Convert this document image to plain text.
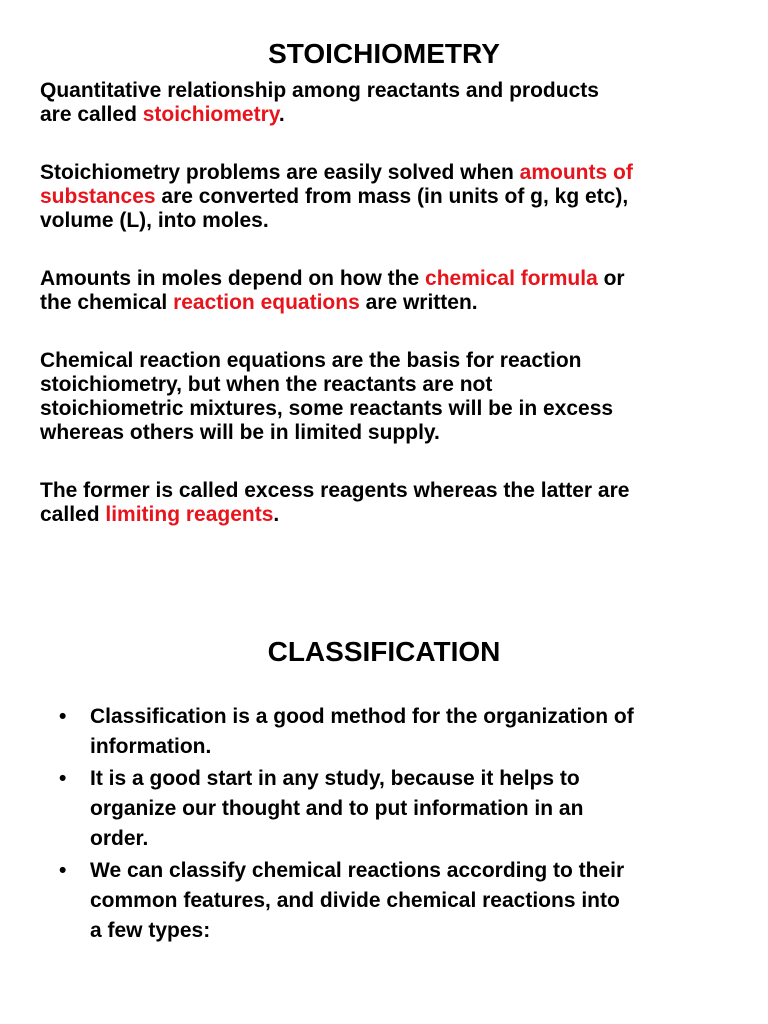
STOICHIOMETRY

Quantitative relationship among reactants and products
are called stoichiometry.

Stoichiometry problems are easily solved when amounts of
substances are converted from mass (in units of g, kg etc),
volume (L), into moles.

Amounts in moles depend on how the chemical formula or
the chemical reaction equations are written.

Chemical reaction equations are the basis for reaction
stoichiometry, but when the reactants are not
stoichiometric mixtures, some reactants will be in excess
whereas others will be in limited supply.

The former is called excess reagents whereas the latter are
called limiting reagents.

CLASSIFICATION
• Classification is a good method for the organization of
information.
• It is a good start in any study, because it helps to
organize our thought and to put information in an
order.
• We can classify chemical reactions according to their
common features, and divide chemical reactions into
a few types:
